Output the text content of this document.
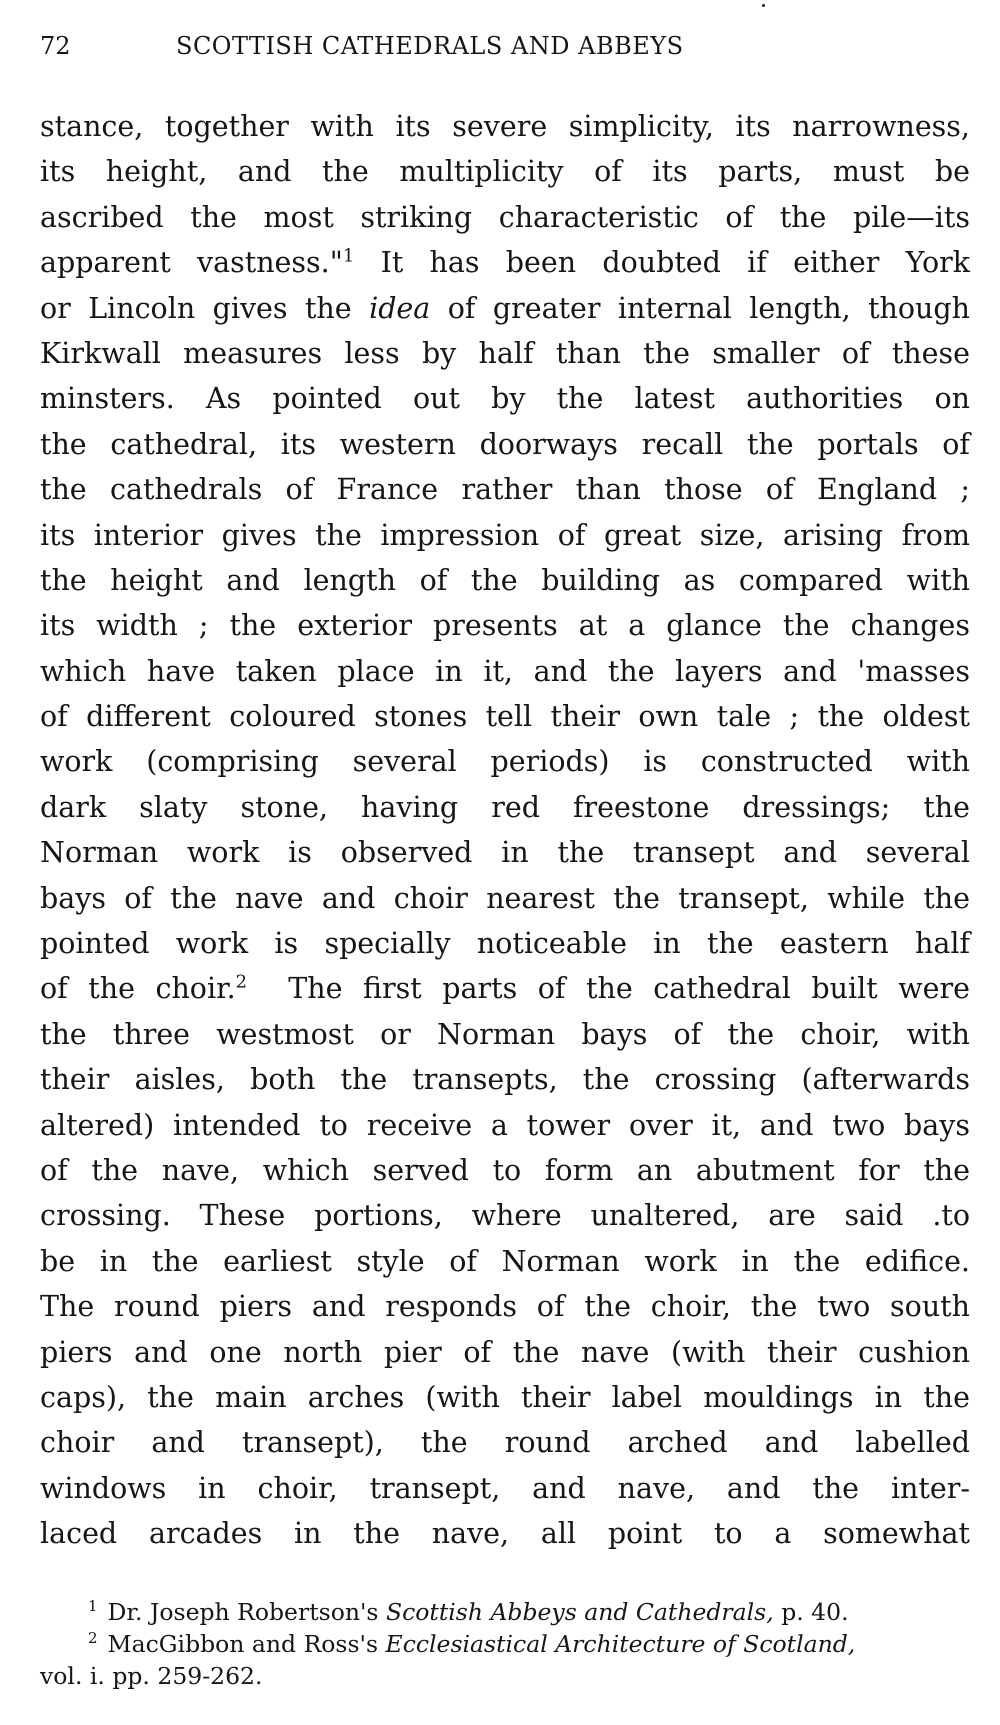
72	SCOTTISH CATHEDRALS AND ABBEYS
stance, together with its severe simplicity, its narrowness,
its height, and the multiplicity of its parts, must be
ascribed the most striking characteristic of the pile—its
apparent vastness."$^1$ It has been doubted if either York
or Lincoln gives the idea of greater internal length, though
Kirkwall measures less by half than the smaller of these
minsters. As pointed out by the latest authorities on
the cathedral, its western doorways recall the portals of
the cathedrals of France rather than those of England ;
its interior gives the impression of great size, arising from
the height and length of the building as compared with
its width ; the exterior presents at a glance the changes
which have taken place in it, and the layers and 'masses
of different coloured stones tell their own tale ; the oldest
work (comprising several periods) is constructed with
dark slaty stone, having red freestone dressings; the
Norman work is observed in the transept and several
bays of the nave and choir nearest the transept, while the
pointed work is specially noticeable in the eastern half
of the choir.$^2$ The first parts of the cathedral built were
the three westmost or Norman bays of the choir, with
their aisles, both the transepts, the crossing (afterwards
altered) intended to receive a tower over it, and two bays
of the nave, which served to form an abutment for the
crossing. These portions, where unaltered, are said .to
be in the earliest style of Norman work in the edifice.
The round piers and responds of the choir, the two south
piers and one north pier of the nave (with their cushion
caps), the main arches (with their label mouldings in the
choir and transept), the round arched and labelled
windows in choir, transept, and nave, and the inter-
laced arcades in the nave, all point to a somewhat
$^1$ Dr. Joseph Robertson's Scottish Abbeys and Cathedrals, p. 40.
$^2$ MacGibbon and Ross's Ecclesiastical Architecture of Scotland,
vol. i. pp. 259-262.
